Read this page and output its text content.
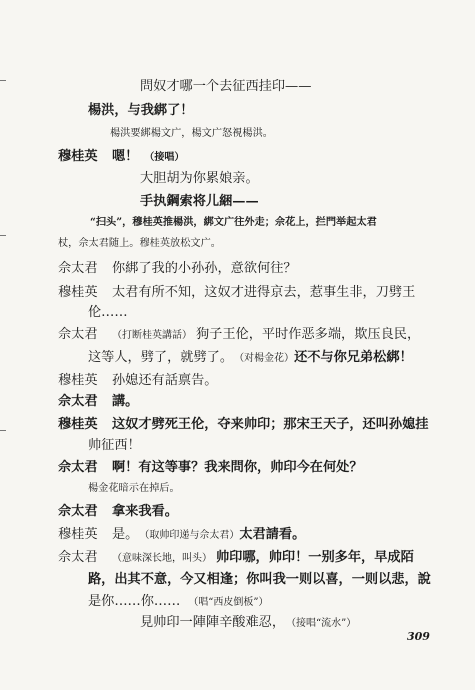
問奴才哪一个去征西挂印——
楊洪，与我綁了！
楊洪要綁楊文广，楊文广怒視楊洪。
穆桂英 嗯！ （接唱）
大胆胡为你累娘亲。
手执鋼索将儿綑——
“扫头”，穆桂英推楊洪，綁文广往外走；佘花上，拦門举起太君
杖，佘太君随上。穆桂英放松文广。
佘太君 你綁了我的小孙孙，意欲何往？
穆桂英 太君有所不知，这奴才进得京去，惹事生非，刀劈王
伦……
佘太君 （打断桂英講話） 狗子王伦，平时作恶多端，欺压良民，
这等人，劈了，就劈了。 （对楊金花）还不与你兄弟松綁！
穆桂英 孙媳还有話禀告。
佘太君 講。
穆桂英 这奴才劈死王伦，夺来帅印；那宋王天子，还叫孙媳挂
帅征西！
佘太君 啊！有这等事？我来問你，帅印今在何处？
楊金花暗示在掉后。
佘太君 拿来我看。
穆桂英 是。 （取帅印递与佘太君）太君請看。
佘太君 （意味深长地，叫头） 帅印哪，帅印！一别多年，早成陌
路，出其不意，今又相逢；你叫我一则以喜，一则以悲，說
是你……你…… （唱“西皮倒板”）
見帅印一陣陣辛酸难忍， （接唱“流水”）
309
